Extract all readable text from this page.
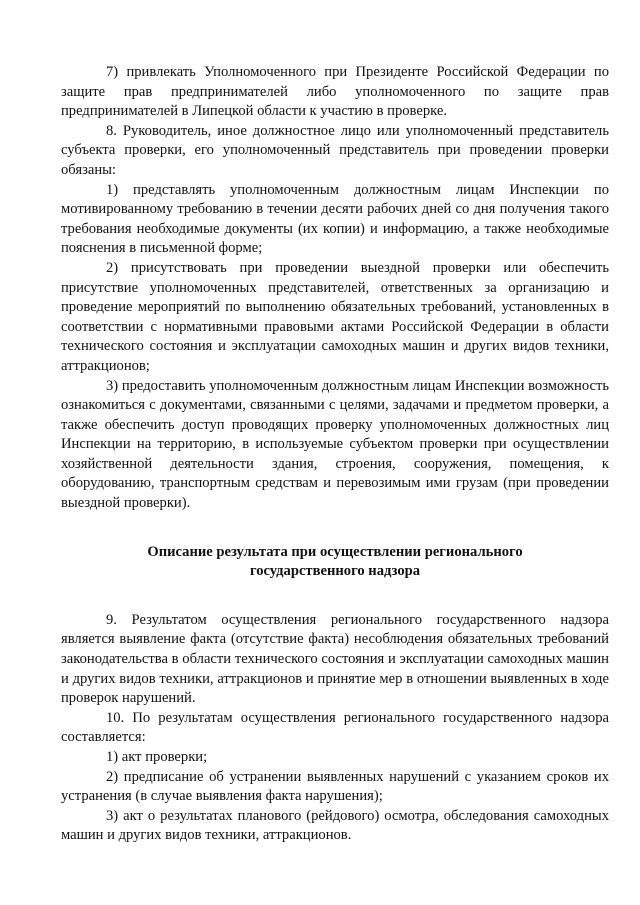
7) привлекать Уполномоченного при Президенте Российской Федерации по защите прав предпринимателей либо уполномоченного по защите прав предпринимателей в Липецкой области к участию в проверке.

8. Руководитель, иное должностное лицо или уполномоченный представитель субъекта проверки, его уполномоченный представитель при проведении проверки обязаны:

1) представлять уполномоченным должностным лицам Инспекции по мотивированному требованию в течении десяти рабочих дней со дня получения такого требования необходимые документы (их копии) и информацию, а также необходимые пояснения в письменной форме;

2) присутствовать при проведении выездной проверки или обеспечить присутствие уполномоченных представителей, ответственных за организацию и проведение мероприятий по выполнению обязательных требований, установленных в соответствии с нормативными правовыми актами Российской Федерации в области технического состояния и эксплуатации самоходных машин и других видов техники, аттракционов;

3) предоставить уполномоченным должностным лицам Инспекции возможность ознакомиться с документами, связанными с целями, задачами и предметом проверки, а также обеспечить доступ проводящих проверку уполномоченных должностных лиц Инспекции на территорию, в используемые субъектом проверки при осуществлении хозяйственной деятельности здания, строения, сооружения, помещения, к оборудованию, транспортным средствам и перевозимым ими грузам (при проведении выездной проверки).

Описание результата при осуществлении регионального
государственного надзора

9. Результатом осуществления регионального государственного надзора является выявление факта (отсутствие факта) несоблюдения обязательных требований законодательства в области технического состояния и эксплуатации самоходных машин и других видов техники, аттракционов и принятие мер в отношении выявленных в ходе проверок нарушений.

10. По результатам осуществления регионального государственного надзора составляется:

1) акт проверки;

2) предписание об устранении выявленных нарушений с указанием сроков их устранения (в случае выявления факта нарушения);

3) акт о результатах планового (рейдового) осмотра, обследования самоходных машин и других видов техники, аттракционов.
